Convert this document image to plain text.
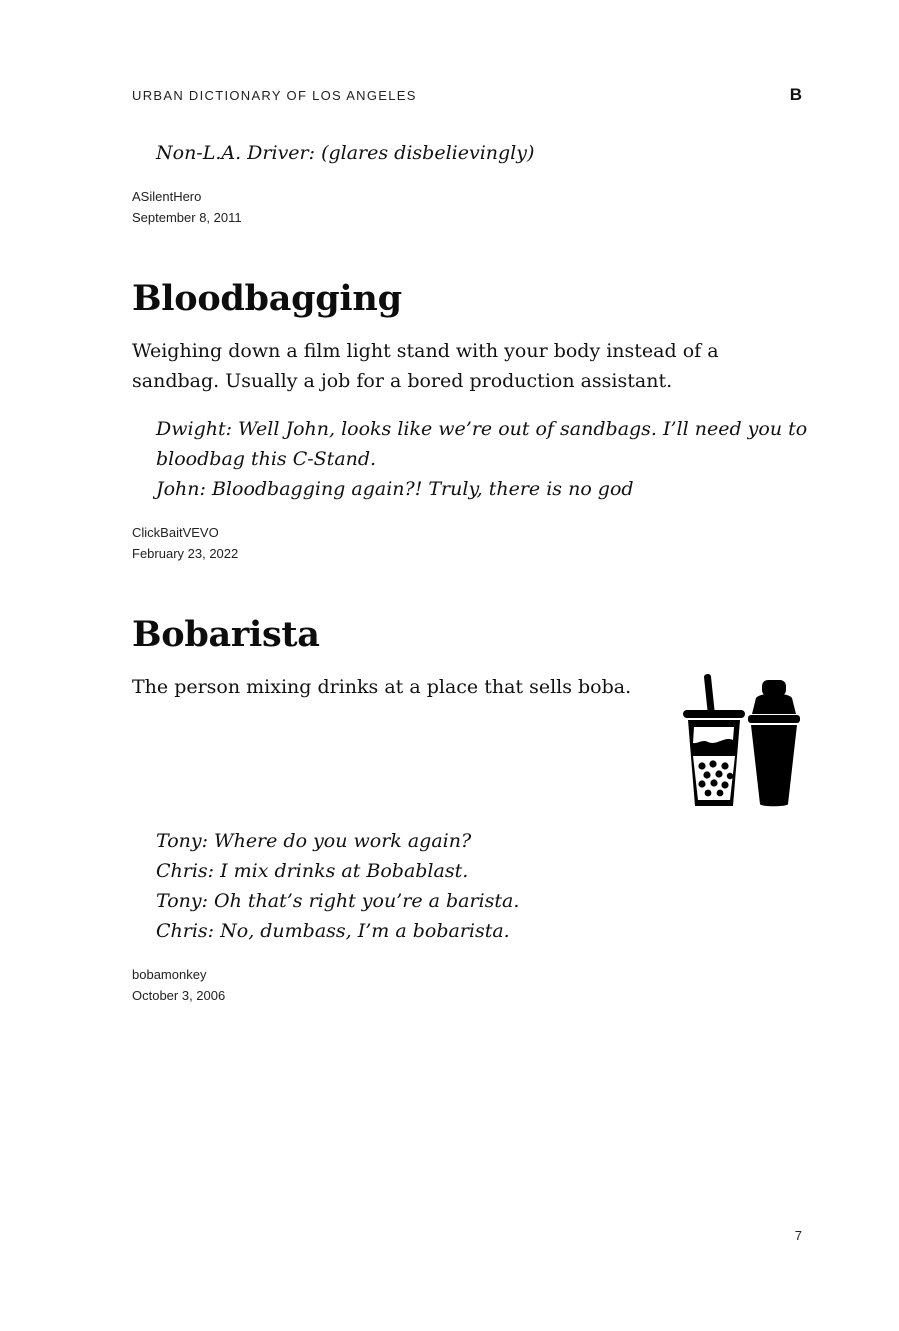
URBAN DICTIONARY OF LOS ANGELES	B
Non-L.A. Driver: (glares disbelievingly)
ASilentHero
September 8, 2011
Bloodbagging

Weighing down a film light stand with your body instead of a sandbag. Usually a job for a bored production assistant.

Dwight: Well John, looks like we’re out of sandbags. I’ll need you to
bloodbag this C-Stand.
John: Bloodbagging again?! Truly, there is no god
ClickBaitVEVO
February 23, 2022
Bobarista

The person mixing drinks at a place that sells boba.

Tony: Where do you work again?
Chris: I mix drinks at Bobablast.
Tony: Oh that’s right you’re a barista.
Chris: No, dumbass, I’m a bobarista.
bobamonkey
October 3, 2006
7
